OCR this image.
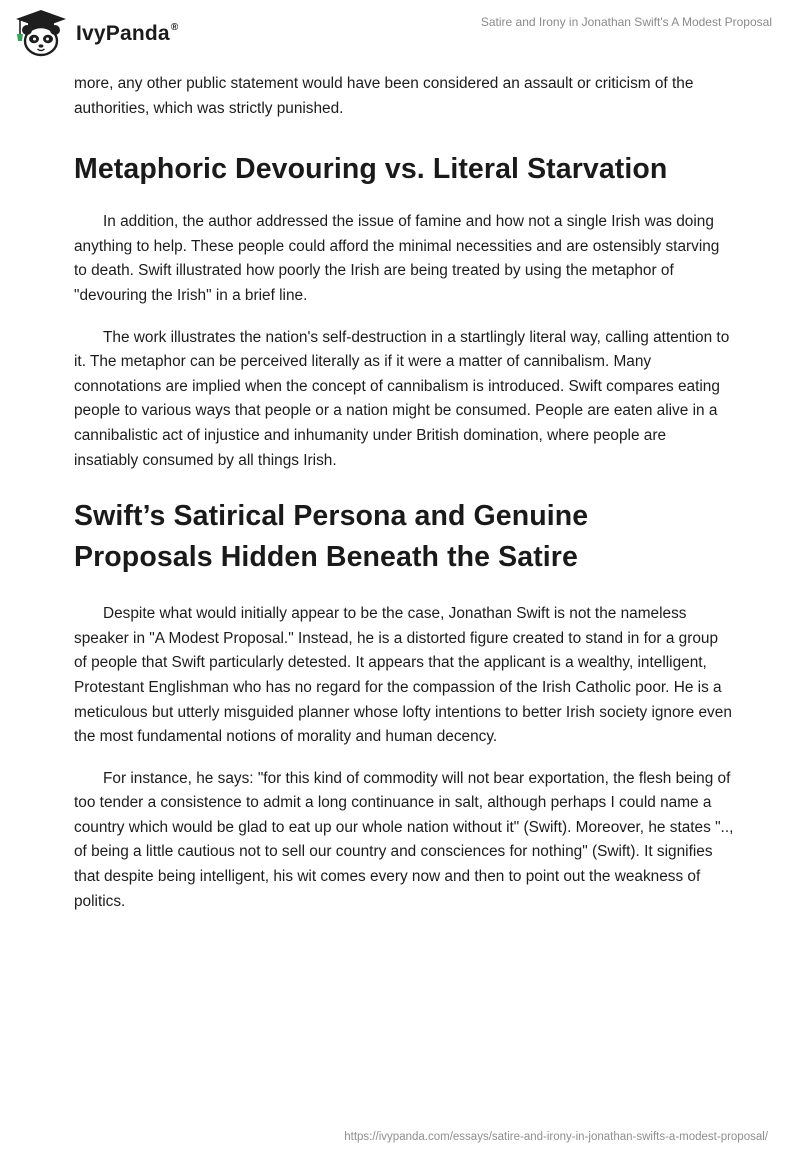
IvyPanda®	Satire and Irony in Jonathan Swift's A Modest Proposal

more, any other public statement would have been considered an assault or criticism of the authorities, which was strictly punished.

Metaphoric Devouring vs. Literal Starvation

In addition, the author addressed the issue of famine and how not a single Irish was doing anything to help. These people could afford the minimal necessities and are ostensibly starving to death. Swift illustrated how poorly the Irish are being treated by using the metaphor of "devouring the Irish" in a brief line.

The work illustrates the nation's self-destruction in a startlingly literal way, calling attention to it. The metaphor can be perceived literally as if it were a matter of cannibalism. Many connotations are implied when the concept of cannibalism is introduced. Swift compares eating people to various ways that people or a nation might be consumed. People are eaten alive in a cannibalistic act of injustice and inhumanity under British domination, where people are insatiably consumed by all things Irish.

Swift’s Satirical Persona and Genuine Proposals Hidden Beneath the Satire

Despite what would initially appear to be the case, Jonathan Swift is not the nameless speaker in "A Modest Proposal." Instead, he is a distorted figure created to stand in for a group of people that Swift particularly detested. It appears that the applicant is a wealthy, intelligent, Protestant Englishman who has no regard for the compassion of the Irish Catholic poor. He is a meticulous but utterly misguided planner whose lofty intentions to better Irish society ignore even the most fundamental notions of morality and human decency.

For instance, he says: "for this kind of commodity will not bear exportation, the flesh being of too tender a consistence to admit a long continuance in salt, although perhaps I could name a country which would be glad to eat up our whole nation without it" (Swift). Moreover, he states ".., of being a little cautious not to sell our country and consciences for nothing" (Swift). It signifies that despite being intelligent, his wit comes every now and then to point out the weakness of politics.

https://ivypanda.com/essays/satire-and-irony-in-jonathan-swifts-a-modest-proposal/
